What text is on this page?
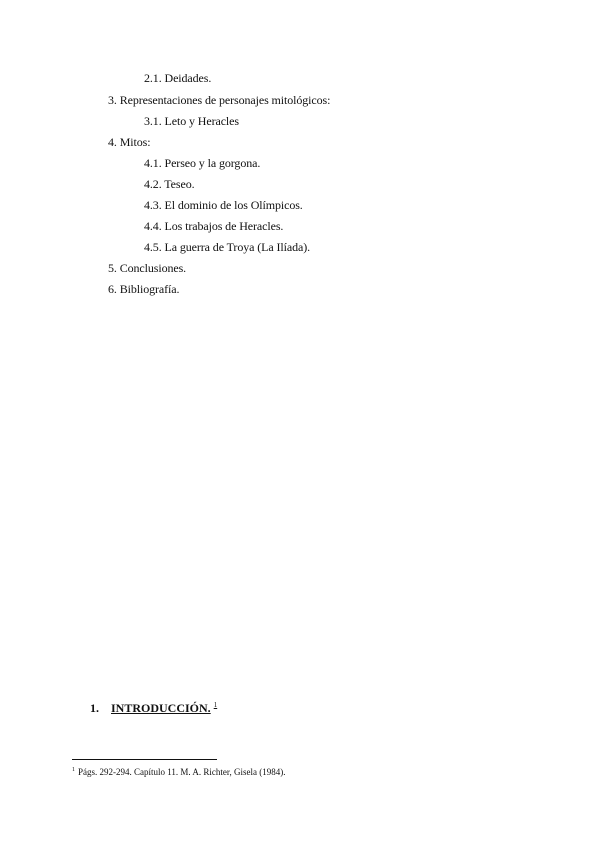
2.1. Deidades.
3. Representaciones de personajes mitológicos:
3.1. Leto y Heracles
4. Mitos:
4.1. Perseo y la gorgona.
4.2. Teseo.
4.3. El dominio de los Olímpicos.
4.4. Los trabajos de Heracles.
4.5. La guerra de Troya (La Ilíada).
5. Conclusiones.
6. Bibliografía.
1. INTRODUCCIÓN. $^1$
$^1$ Págs. 292-294. Capítulo 11. M. A. Richter, Gisela (1984).
